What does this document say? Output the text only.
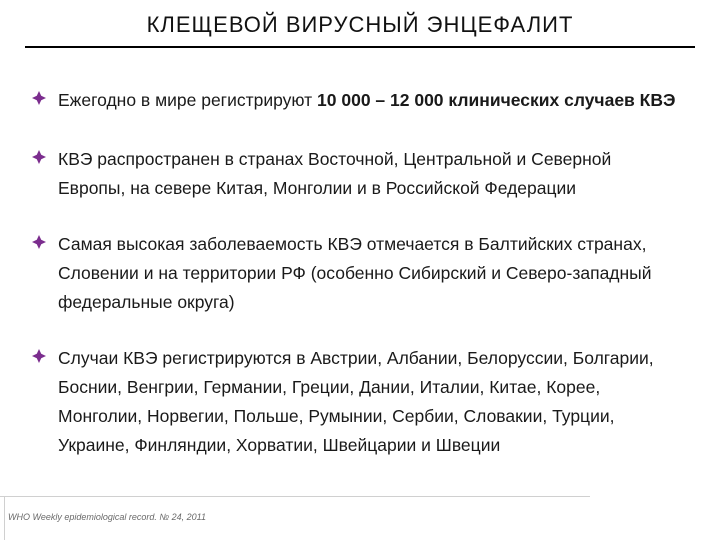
КЛЕЩЕВОЙ ВИРУСНЫЙ ЭНЦЕФАЛИТ
Ежегодно в мире регистрируют 10 000 – 12 000 клинических случаев КВЭ
КВЭ распространен в странах Восточной, Центральной и Северной
Европы, на севере Китая, Монголии и в Российской Федерации
Самая высокая заболеваемость КВЭ отмечается в Балтийских странах,
Словении и на территории РФ (особенно Сибирский и Северо-западный
федеральные округа)
Случаи КВЭ регистрируются в Австрии, Албании, Белоруссии, Болгарии,
Боснии, Венгрии, Германии, Греции, Дании, Италии, Китае, Корее,
Монголии, Норвегии, Польше, Румынии, Сербии, Словакии, Турции,
Украине, Финляндии, Хорватии, Швейцарии и Швеции
WHO Weekly epidemiological record. № 24, 2011
